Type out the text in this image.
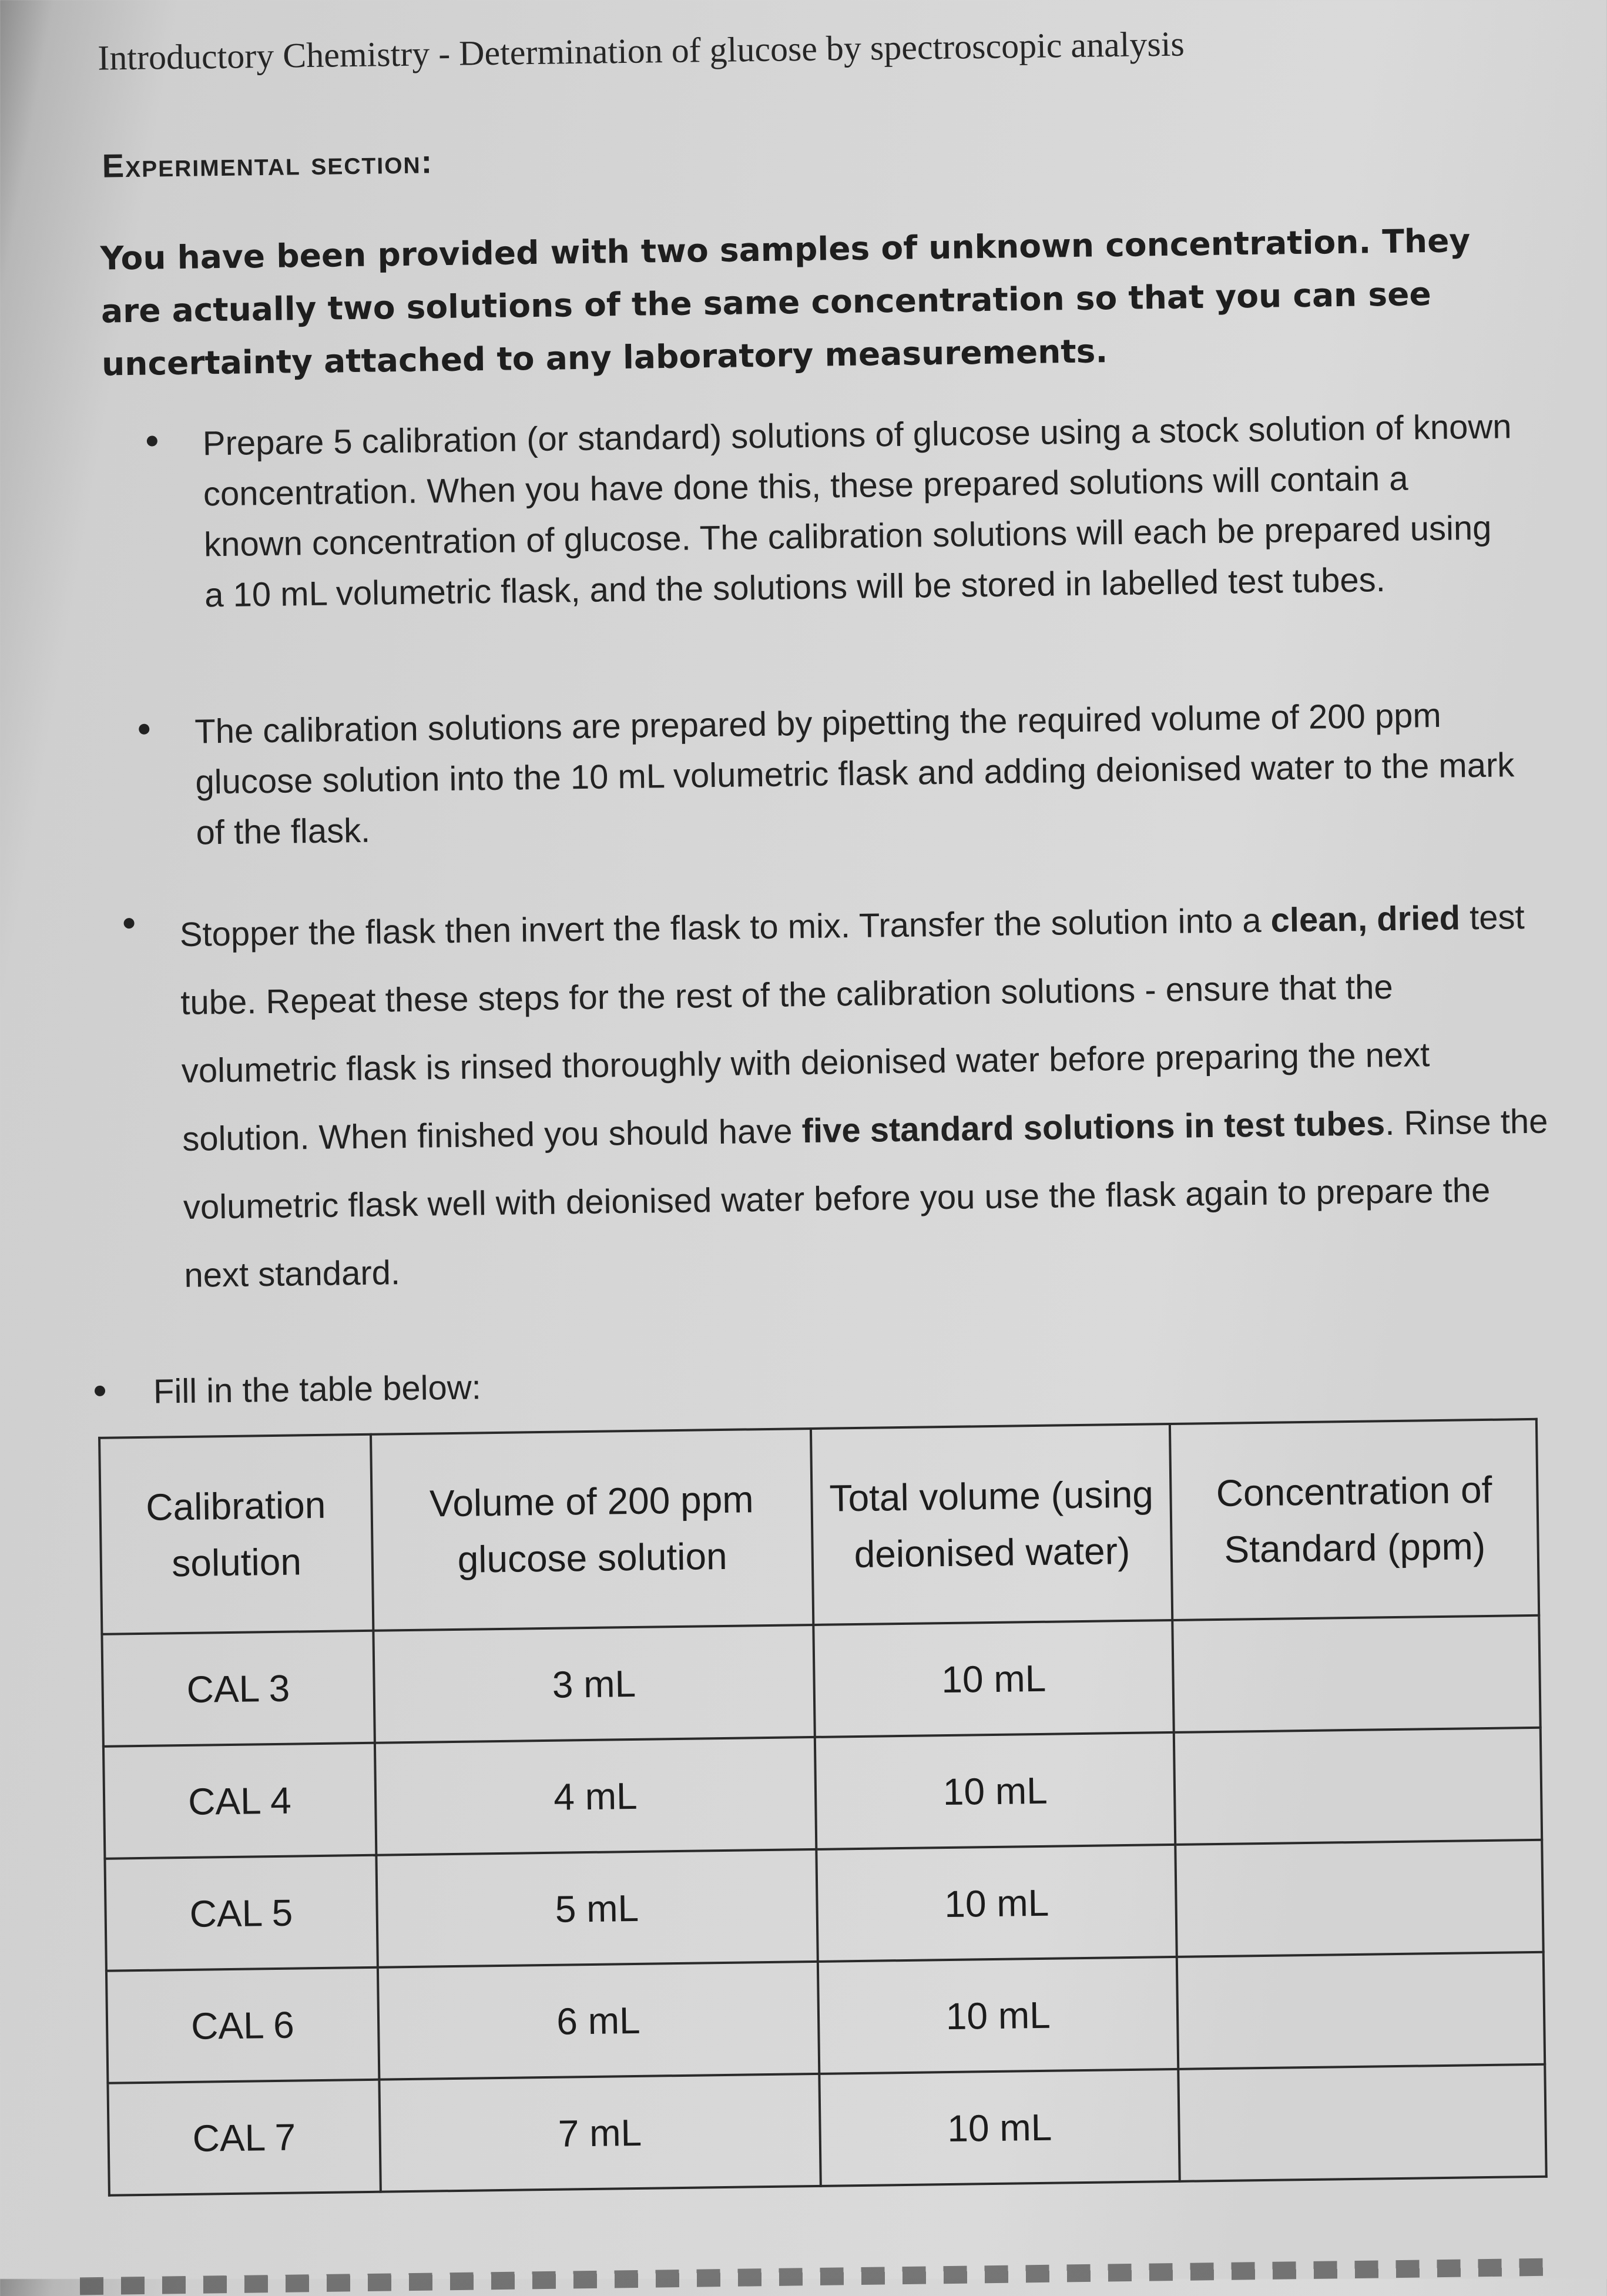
Introductory Chemistry - Determination of glucose by spectroscopic analysis
Experimental section:
You have been provided with two samples of unknown concentration. They are actually two solutions of the same concentration so that you can see uncertainty attached to any laboratory measurements.
Prepare 5 calibration (or standard) solutions of glucose using a stock solution of known concentration. When you have done this, these prepared solutions will contain a known concentration of glucose. The calibration solutions will each be prepared using a 10 mL volumetric flask, and the solutions will be stored in labelled test tubes.
The calibration solutions are prepared by pipetting the required volume of 200 ppm glucose solution into the 10 mL volumetric flask and adding deionised water to the mark of the flask.
Stopper the flask then invert the flask to mix. Transfer the solution into a clean, dried test tube. Repeat these steps for the rest of the calibration solutions - ensure that the volumetric flask is rinsed thoroughly with deionised water before preparing the next solution. When finished you should have five standard solutions in test tubes. Rinse the volumetric flask well with deionised water before you use the flask again to prepare the next standard.
Fill in the table below:
Calibration solution	Volume of 200 ppm glucose solution	Total volume (using deionised water)	Concentration of Standard (ppm)
CAL 3	3 mL	10 mL	
CAL 4	4 mL	10 mL	
CAL 5	5 mL	10 mL	
CAL 6	6 mL	10 mL	
CAL 7	7 mL	10 mL	
